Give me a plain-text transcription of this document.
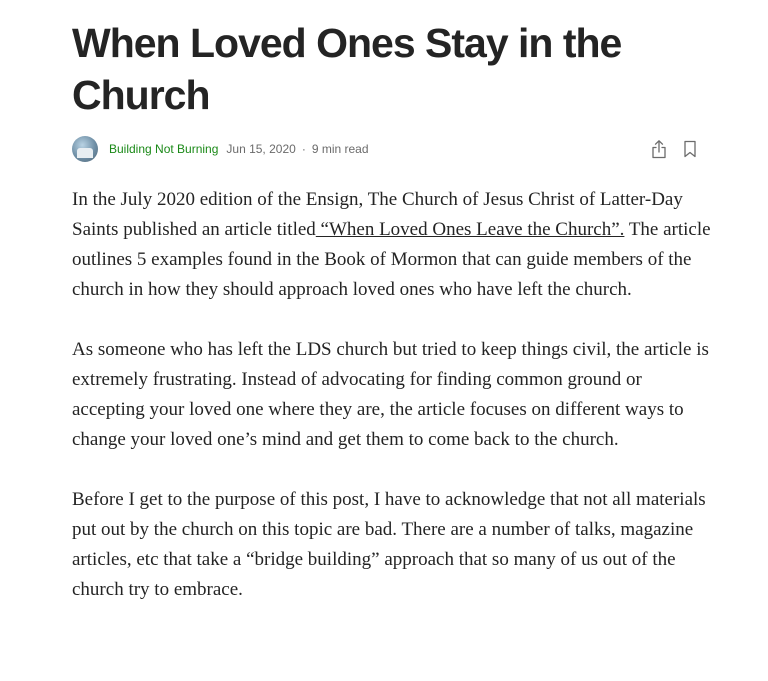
When Loved Ones Stay in the Church
Building Not Burning Jun 15, 2020 · 9 min read

In the July 2020 edition of the Ensign, The Church of Jesus Christ of Latter-Day Saints published an article titled “When Loved Ones Leave the Church”. The article outlines 5 examples found in the Book of Mormon that can guide members of the church in how they should approach loved ones who have left the church.

As someone who has left the LDS church but tried to keep things civil, the article is extremely frustrating. Instead of advocating for finding common ground or accepting your loved one where they are, the article focuses on different ways to change your loved one’s mind and get them to come back to the church.

Before I get to the purpose of this post, I have to acknowledge that not all materials put out by the church on this topic are bad. There are a number of talks, magazine articles, etc that take a “bridge building” approach that so many of us out of the church try to embrace.
